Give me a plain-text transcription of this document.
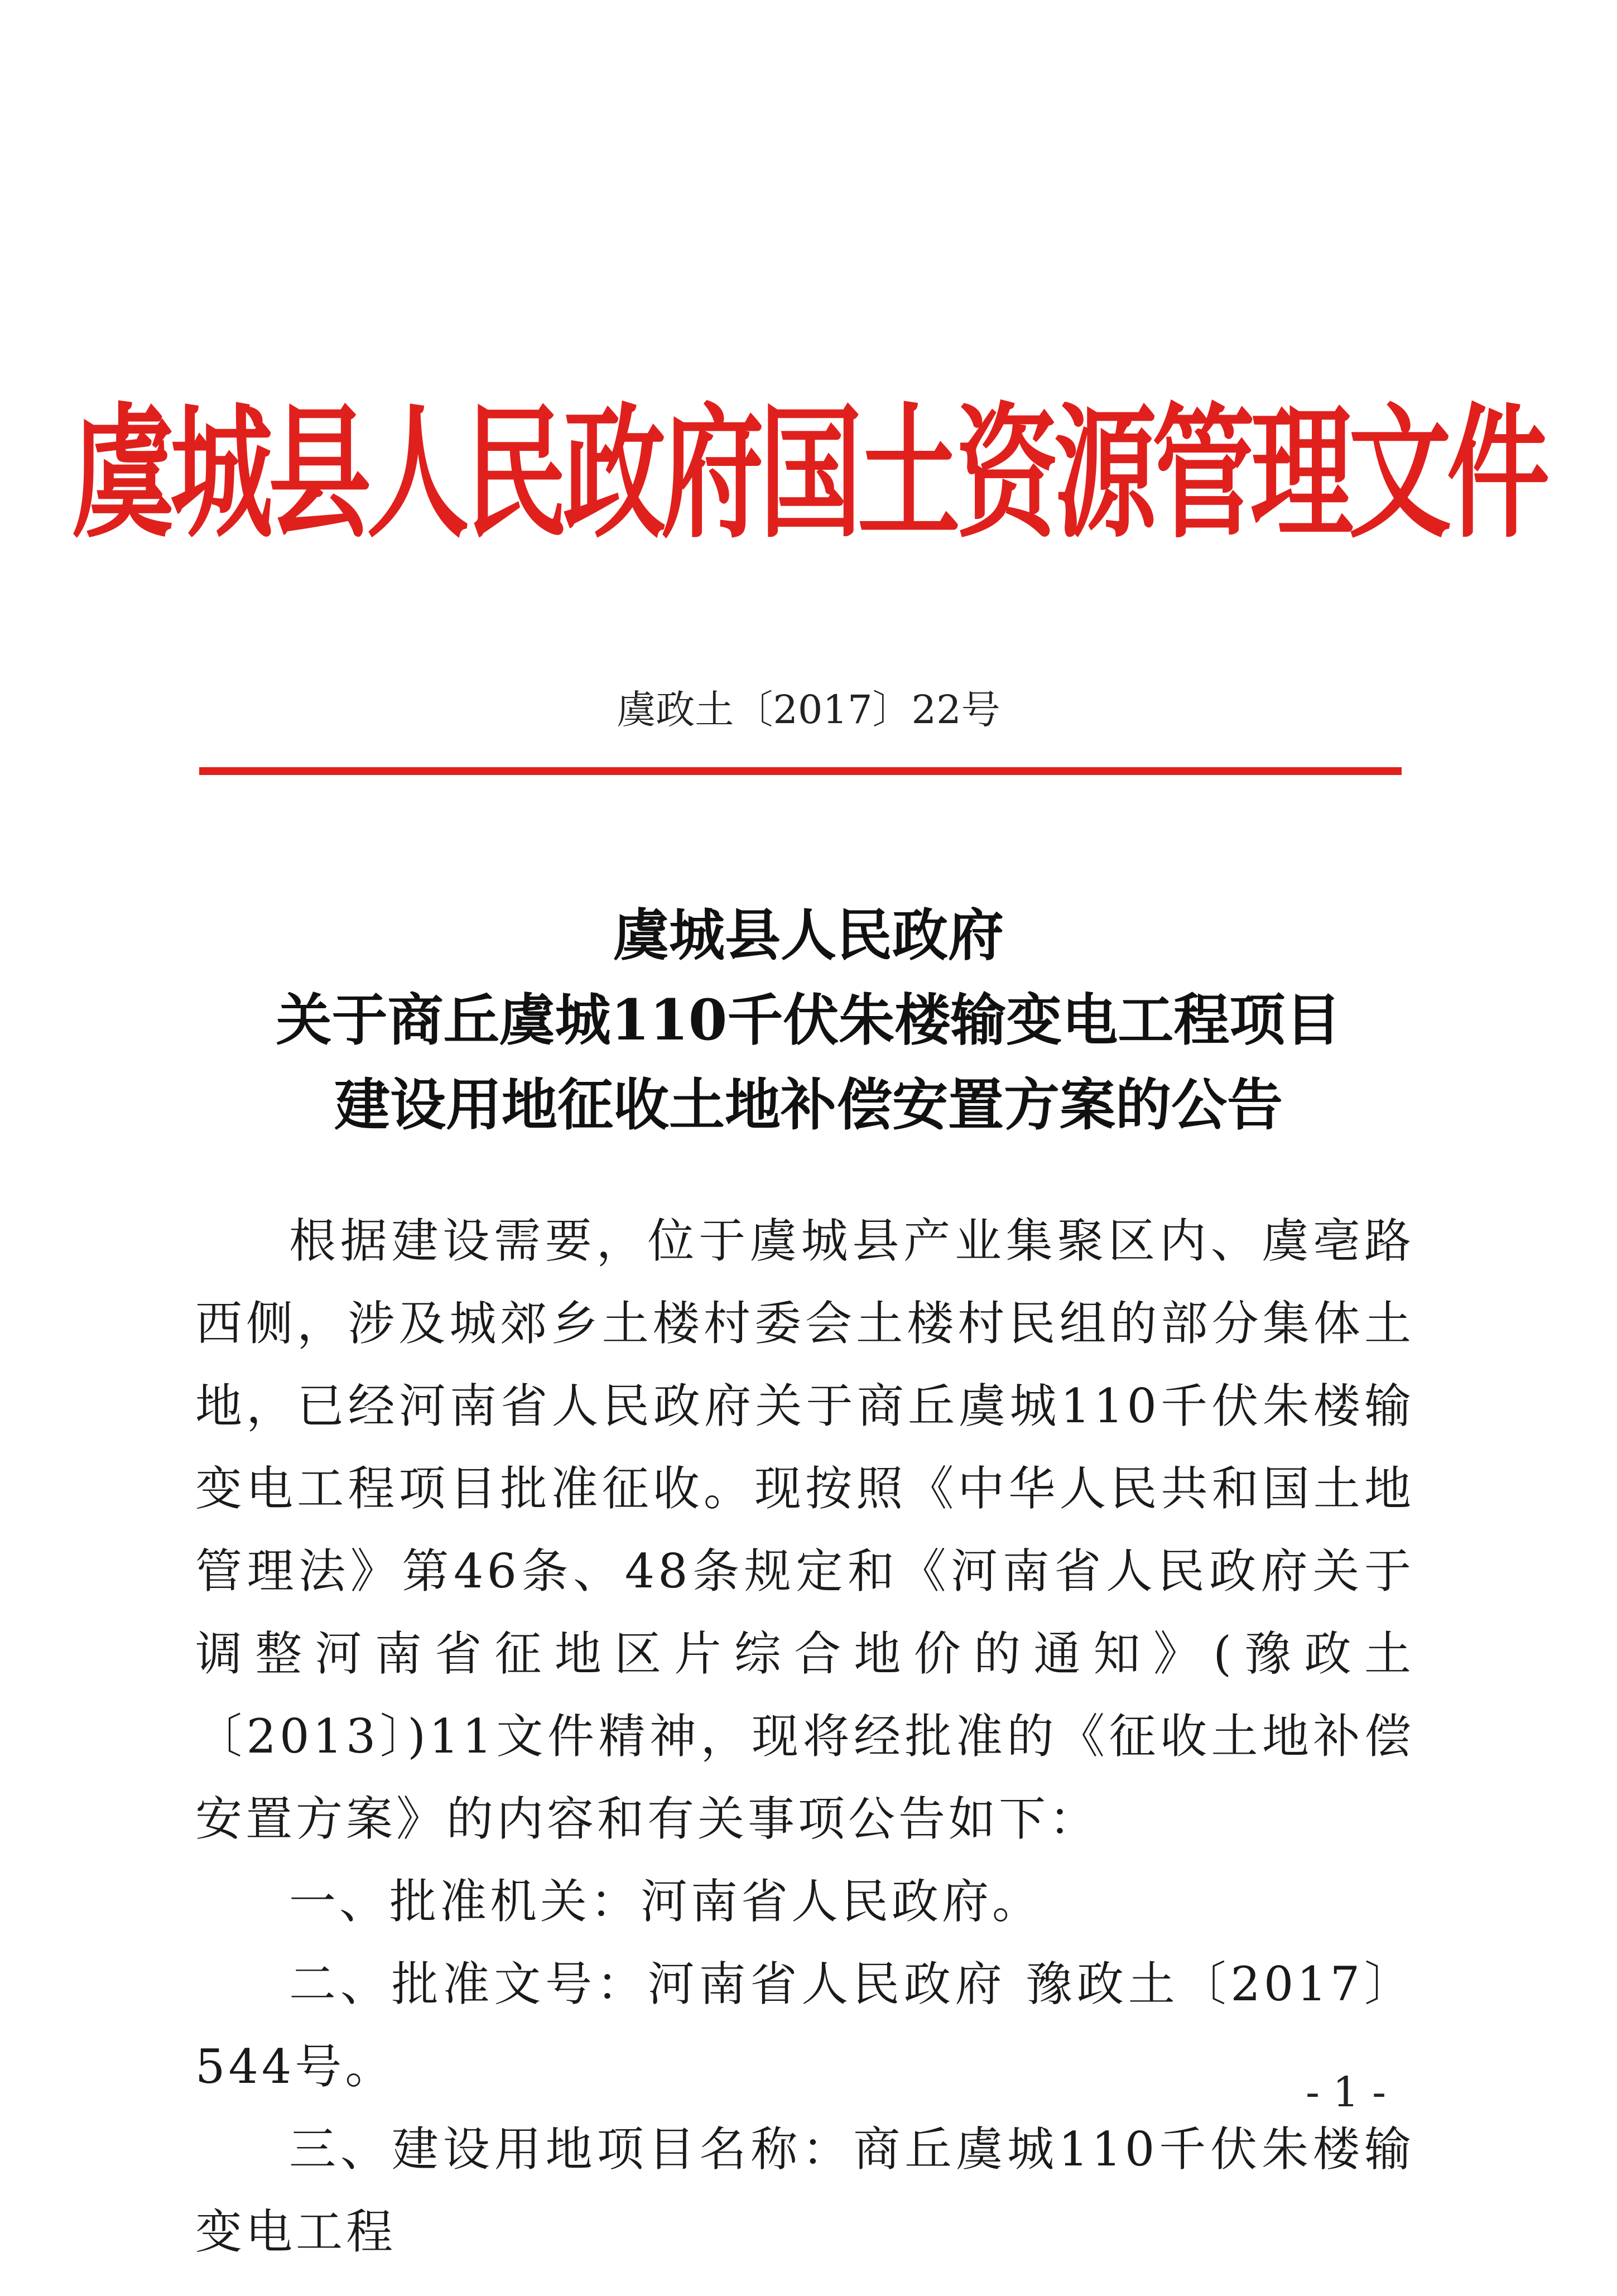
虞城县人民政府国土资源管理文件
虞政土〔2017〕22号
虞城县人民政府
关于商丘虞城110千伏朱楼输变电工程项目
建设用地征收土地补偿安置方案的公告

根据建设需要，位于虞城县产业集聚区内、虞亳路西侧，涉及城郊乡土楼村委会土楼村民组的部分集体土地，已经河南省人民政府关于商丘虞城110千伏朱楼输变电工程项目批准征收。现按照《中华人民共和国土地管理法》第46条、48条规定和《河南省人民政府关于调整河南省征地区片综合地价的通知》(豫政土〔2013〕)11文件精神，现将经批准的《征收土地补偿安置方案》的内容和有关事项公告如下：

一、批准机关：河南省人民政府。

二、批准文号：河南省人民政府 豫政土〔2017〕544号。

三、建设用地项目名称：商丘虞城110千伏朱楼输变电工程

- 1 -
